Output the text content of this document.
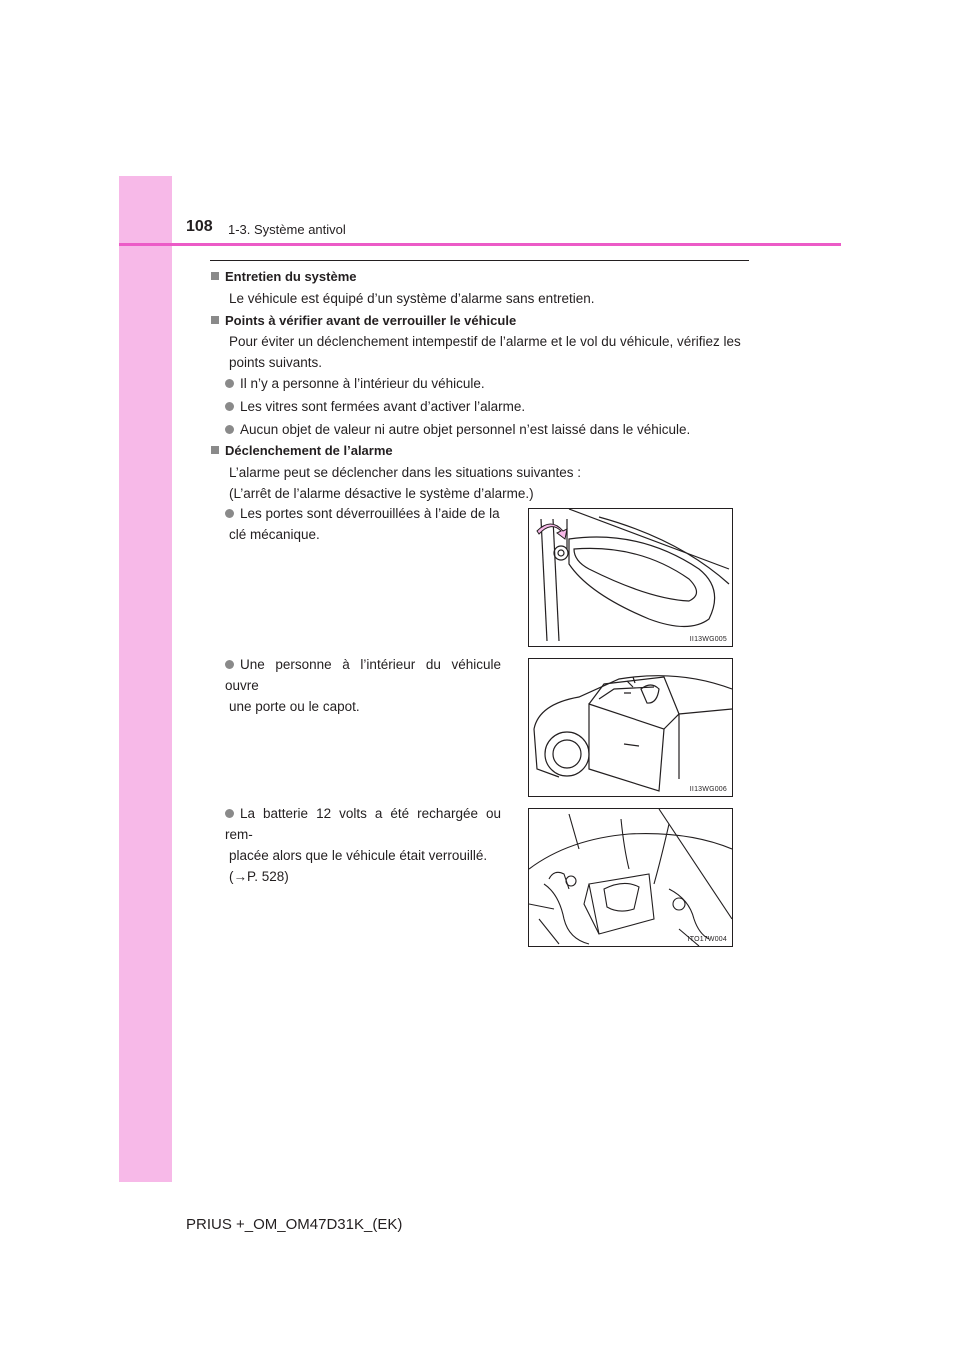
108 1-3. Système antivol
Entretien du système
Le véhicule est équipé d’un système d’alarme sans entretien.
Points à vérifier avant de verrouiller le véhicule
Pour éviter un déclenchement intempestif de l’alarme et le vol du véhicule, vérifiez les points suivants.
Il n’y a personne à l’intérieur du véhicule.
Les vitres sont fermées avant d’activer l’alarme.
Aucun objet de valeur ni autre objet personnel n’est laissé dans le véhicule.
Déclenchement de l’alarme
L’alarme peut se déclencher dans les situations suivantes :
(L’arrêt de l’alarme désactive le système d’alarme.)
Les portes sont déverrouillées à l’aide de la
clé mécanique.
II13WG005
Une personne à l’intérieur du véhicule ouvre
une porte ou le capot.
II13WG006
La batterie 12 volts a été rechargée ou rem-
placée alors que le véhicule était verrouillé.
(→P. 528)
ITO17W004
PRIUS +_OM_OM47D31K_(EK)
